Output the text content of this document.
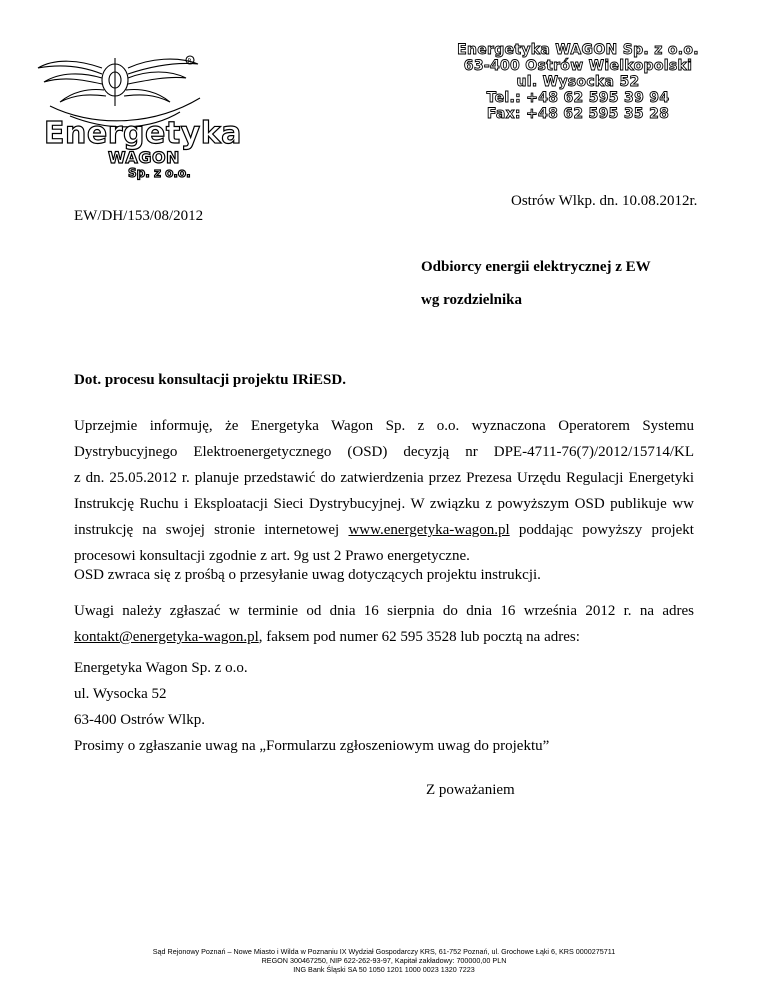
R
Energetyka
WAGON
Sp. z o.o.
Energetyka WAGON Sp. z o.o.
63-400 Ostrów Wielkopolski
ul. Wysocka 52
Tel.: +48 62 595 39 94
Fax: +48 62 595 35 28
Ostrów Wlkp. dn. 10.08.2012r.
EW/DH/153/08/2012
Odbiorcy energii elektrycznej z EW
wg rozdzielnika
Dot. procesu konsultacji projektu IRiESD.
Uprzejmie informuję, że Energetyka Wagon Sp. z o.o. wyznaczona Operatorem Systemu
Dystrybucyjnego Elektroenergetycznego (OSD) decyzją nr DPE-4711-76(7)/2012/15714/KL
z dn. 25.05.2012 r. planuje przedstawić do zatwierdzenia przez Prezesa Urzędu Regulacji Energetyki
Instrukcję Ruchu i Eksploatacji Sieci Dystrybucyjnej. W związku z powyższym OSD publikuje ww
instrukcję na swojej stronie internetowej www.energetyka-wagon.pl poddając powyższy projekt
procesowi konsultacji zgodnie z art. 9g ust 2 Prawo energetyczne.
OSD zwraca się z prośbą o przesyłanie uwag dotyczących projektu instrukcji.
Uwagi należy zgłaszać w terminie od dnia 16 sierpnia do dnia 16 września 2012 r. na adres
kontakt@energetyka-wagon.pl, faksem pod numer 62 595 3528 lub pocztą na adres:
Energetyka Wagon Sp. z o.o.
ul. Wysocka 52
63-400 Ostrów Wlkp.
Prosimy o zgłaszanie uwag na „Formularzu zgłoszeniowym uwag do projektu”
Z poważaniem
Sąd Rejonowy Poznań – Nowe Miasto i Wilda w Poznaniu IX Wydział Gospodarczy KRS, 61-752 Poznań, ul. Grochowe Łąki 6, KRS 0000275711
REGON 300467250, NIP 622-262-93-97, Kapitał zakładowy: 700000,00 PLN
ING Bank Śląski SA 50 1050 1201 1000 0023 1320 7223
